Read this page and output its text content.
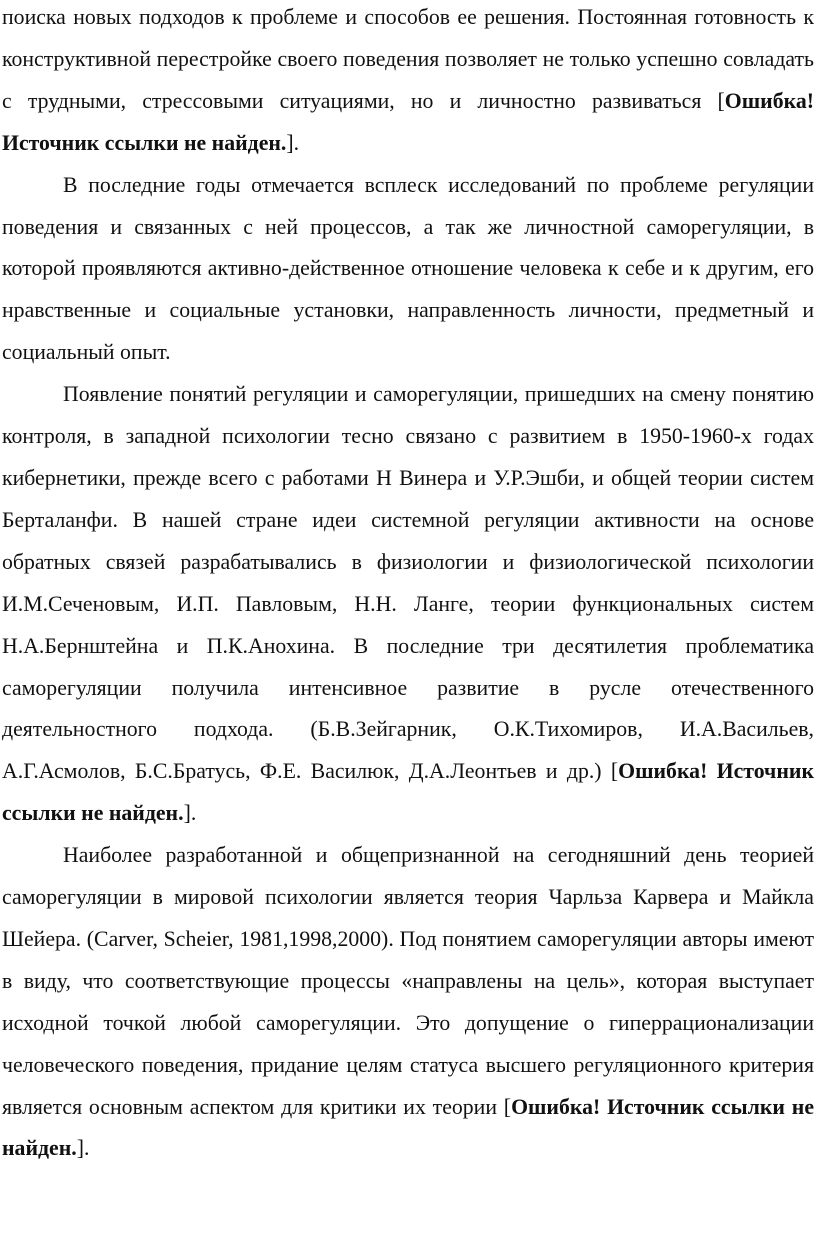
поиска новых подходов к проблеме и способов ее решения. Постоянная готовность к конструктивной перестройке своего поведения позволяет не только успешно совладать с трудными, стрессовыми ситуациями, но и личностно развиваться [Ошибка! Источник ссылки не найден.].

В последние годы отмечается всплеск исследований по проблеме регуляции поведения и связанных с ней процессов, а так же личностной саморегуляции, в которой проявляются активно-действенное отношение человека к себе и к другим, его нравственные и социальные установки, направленность личности, предметный и социальный опыт.

Появление понятий регуляции и саморегуляции, пришедших на смену понятию контроля, в западной психологии тесно связано с развитием в 1950-1960-х годах кибернетики, прежде всего с работами Н Винера и У.Р.Эшби, и общей теории систем Берталанфи. В нашей стране идеи системной регуляции активности на основе обратных связей разрабатывались в физиологии и физиологической психологии И.М.Сеченовым, И.П. Павловым, Н.Н. Ланге, теории функциональных систем Н.А.Бернштейна и П.К.Анохина. В последние три десятилетия проблематика саморегуляции получила интенсивное развитие в русле отечественного деятельностного подхода. (Б.В.Зейгарник, О.К.Тихомиров, И.А.Васильев, А.Г.Асмолов, Б.С.Братусь, Ф.Е. Василюк, Д.А.Леонтьев и др.) [Ошибка! Источник ссылки не найден.].

Наиболее разработанной и общепризнанной на сегодняшний день теорией саморегуляции в мировой психологии является теория Чарльза Карвера и Майкла Шейера. (Carver, Scheier, 1981,1998,2000). Под понятием саморегуляции авторы имеют в виду, что соответствующие процессы «направлены на цель», которая выступает исходной точкой любой саморегуляции. Это допущение о гиперрационализации человеческого поведения, придание целям статуса высшего регуляционного критерия является основным аспектом для критики их теории [Ошибка! Источник ссылки не найден.].
